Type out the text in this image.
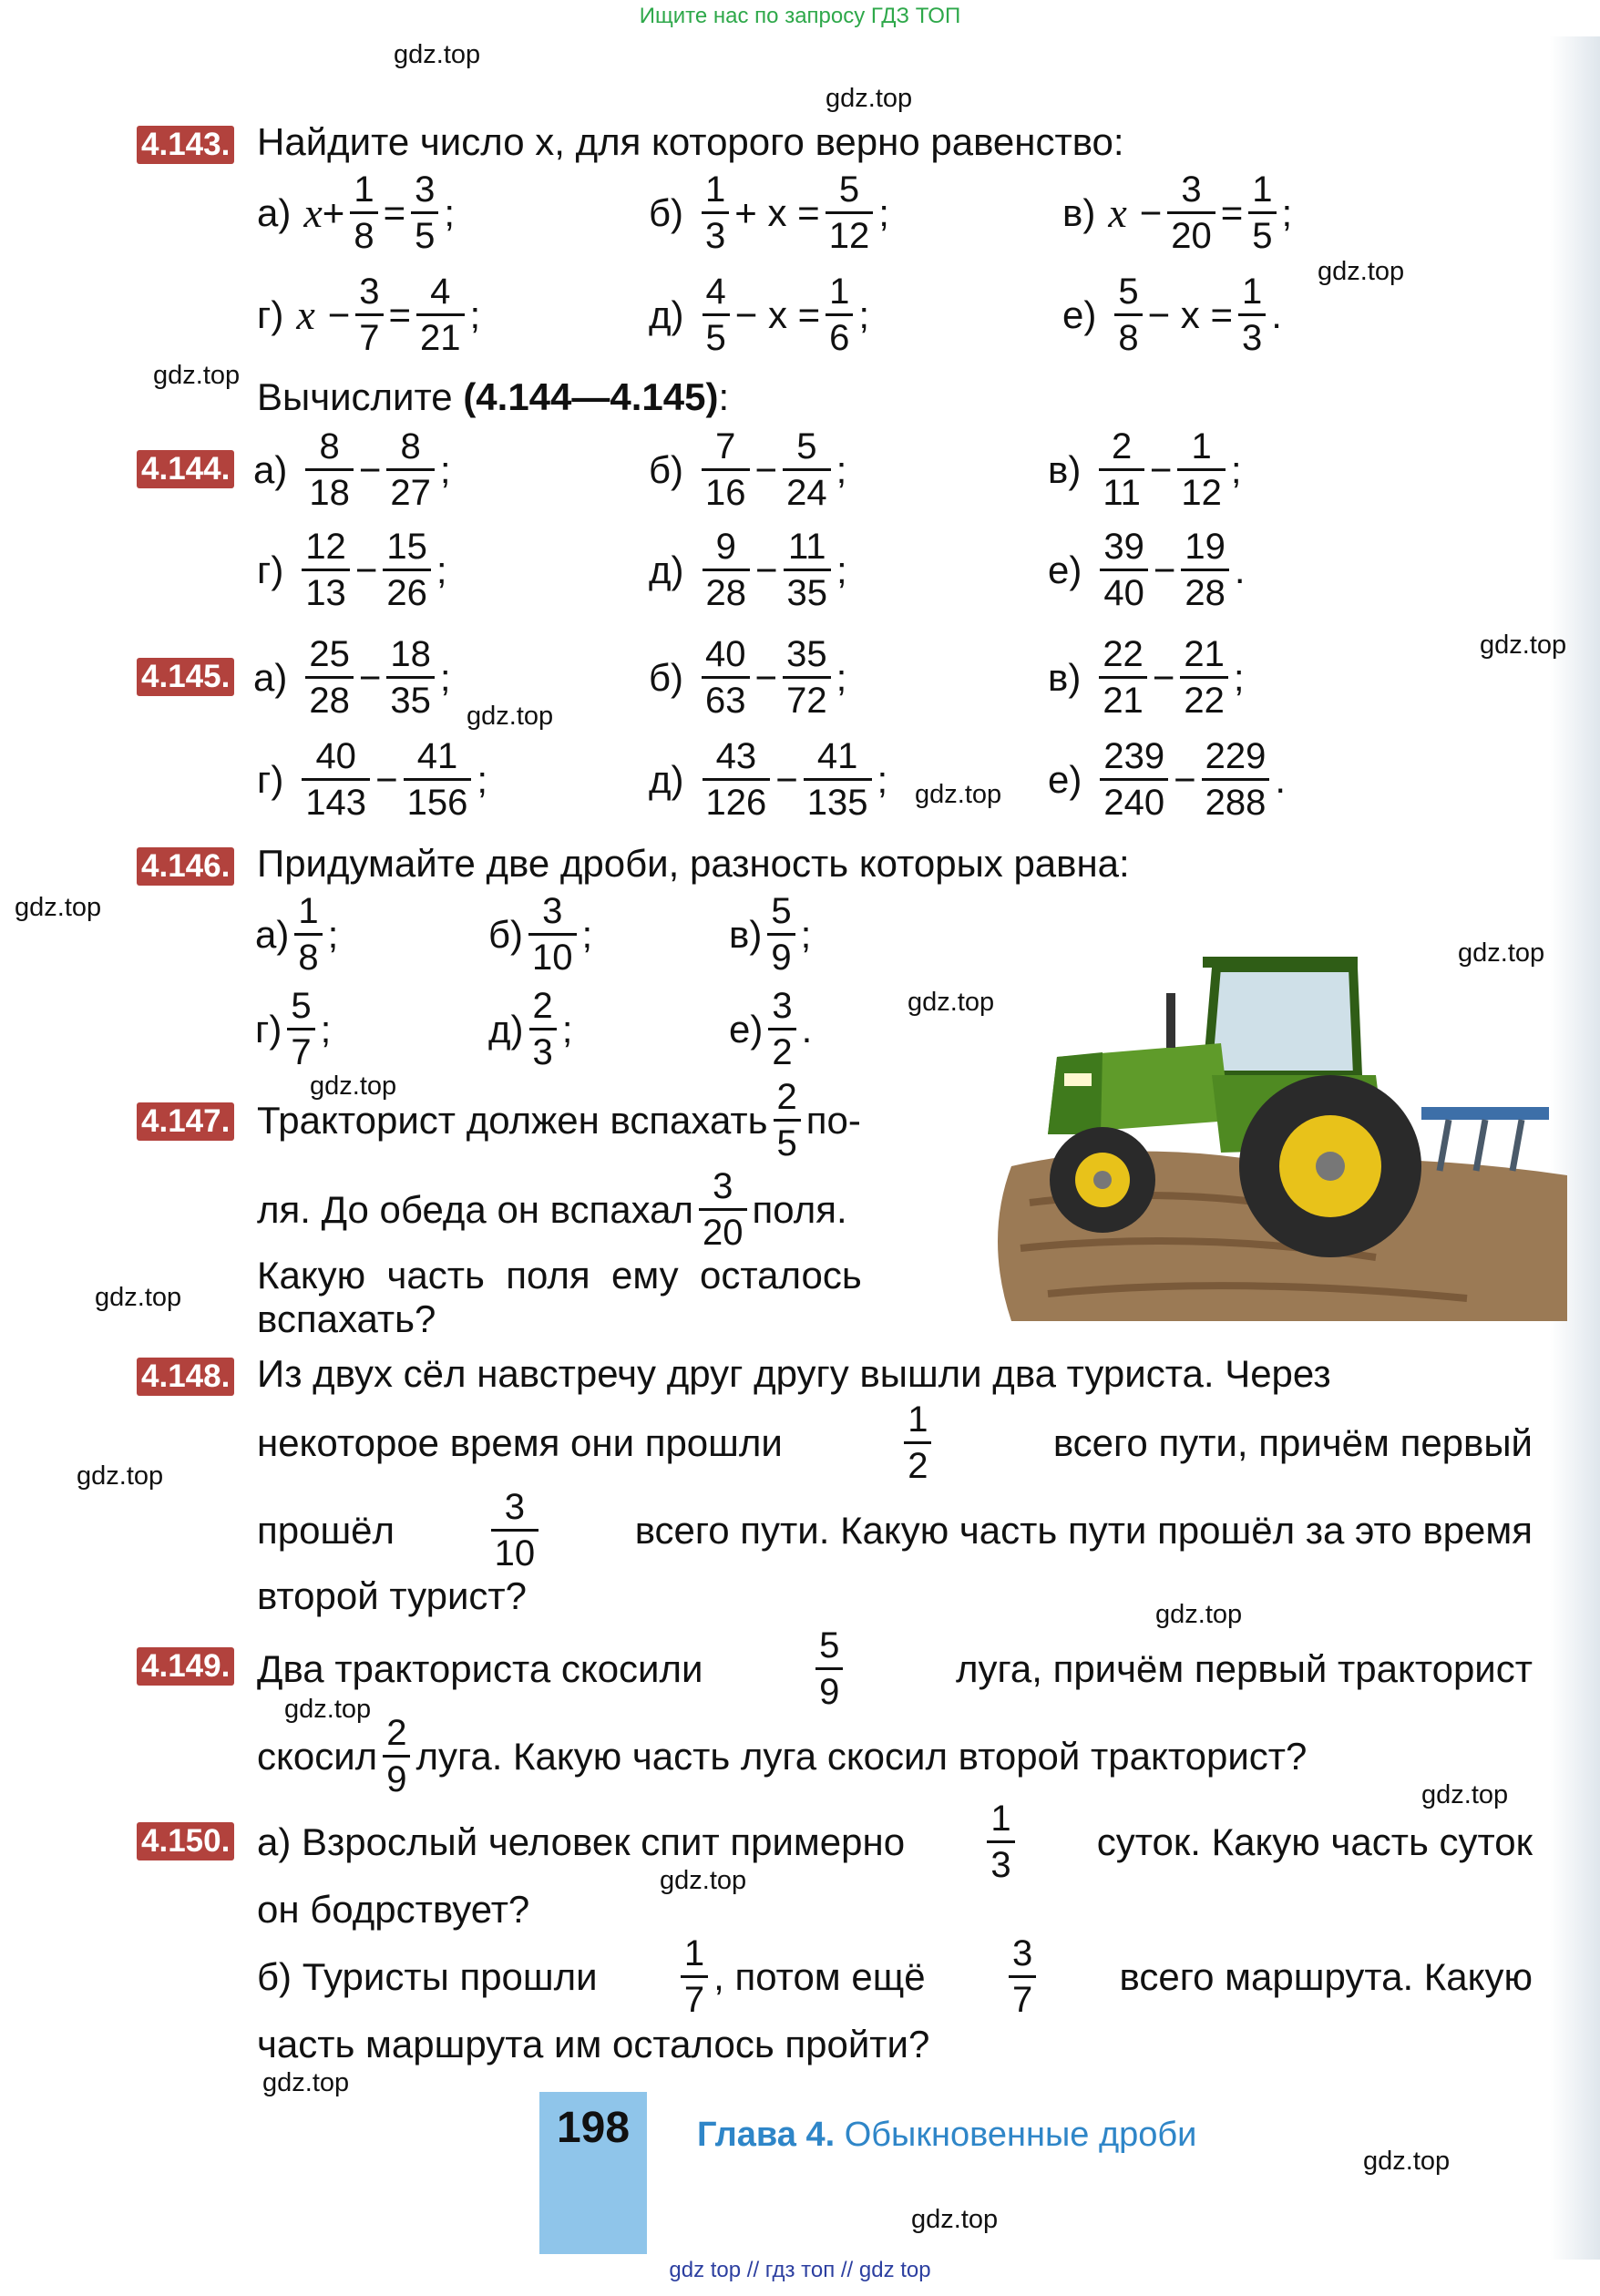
Ищите нас по запросу ГДЗ ТОП
gdz.top
gdz.top
gdz.top
gdz.top
gdz.top
gdz.top
gdz.top
gdz.top
gdz.top
gdz.top
gdz.top
gdz.top
gdz.top
gdz.top
gdz.top
gdz.top
gdz.top
gdz.top
gdz.top
gdz.top
4.143. Найдите число x, для которого верно равенство:
а) $x + \frac{1}{8} = \frac{3}{5}$ ;	$б) \frac{1}{3} + x = \frac{5}{12}$ ;	в) $x - \frac{3}{20} = \frac{1}{5}$ ;
г) $x - \frac{3}{7} = \frac{4}{21}$ ;	$д) \frac{4}{5} - x = \frac{1}{6}$ ;	$е) \frac{5}{8} - x = \frac{1}{3}$ .
Вычислите (4.144—4.145):
4.144. $а) \frac{8}{18} - \frac{8}{27}$ ;	$б) \frac{7}{16} - \frac{5}{24}$ ;	$в) \frac{2}{11} - \frac{1}{12}$ ;
$г) \frac{12}{13} - \frac{15}{26}$ ;	$д) \frac{9}{28} - \frac{11}{35}$ ;	$е) \frac{39}{40} - \frac{19}{28}$ .
4.145. $а) \frac{25}{28} - \frac{18}{35}$ ;	$б) \frac{40}{63} - \frac{35}{72}$ ;	$в) \frac{22}{21} - \frac{21}{22}$ ;
$г) \frac{40}{143} - \frac{41}{156}$ ;	$д) \frac{43}{126} - \frac{41}{135}$ ;	$е) \frac{239}{240} - \frac{229}{288}$ .
4.146. Придумайте две дроби, разность которых равна:
$а) \frac{1}{8}$ ;	$б) \frac{3}{10}$ ;	$в) \frac{5}{9}$ ;
$г) \frac{5}{7}$ ;	$д) \frac{2}{3}$ ;	$е) \frac{3}{2}$ .
4.147. Тракторист должен вспахать $\frac{2}{5} по-$
ля. До обеда он вспахал $\frac{3}{20}$ поля.
Какую  часть  поля  ему  осталось
вспахать?
4.148. Из двух сёл навстречу друг другу вышли два туриста. Через
некоторое время они прошли	$\frac{1}{2}$	всего пути, причём первый
прошёл	$\frac{3}{10}$	всего пути. Какую часть пути прошёл за это время
второй турист?
4.149. Два тракториста скосили	$\frac{5}{9}$	луга, причём первый тракторист
скосил $\frac{2}{9}$ луга. Какую часть луга скосил второй тракторист?
4.150. а) Взрослый человек спит примерно $\frac{1}{3}$ суток. Какую часть суток
он бодрствует?
б) Туристы прошли $\frac{1}{7}$ , потом ещё $\frac{3}{7}$ всего маршрута. Какую
часть маршрута им осталось пройти?
198	Глава 4. Обыкновенные дроби
gdz top // гдз топ // gdz top
